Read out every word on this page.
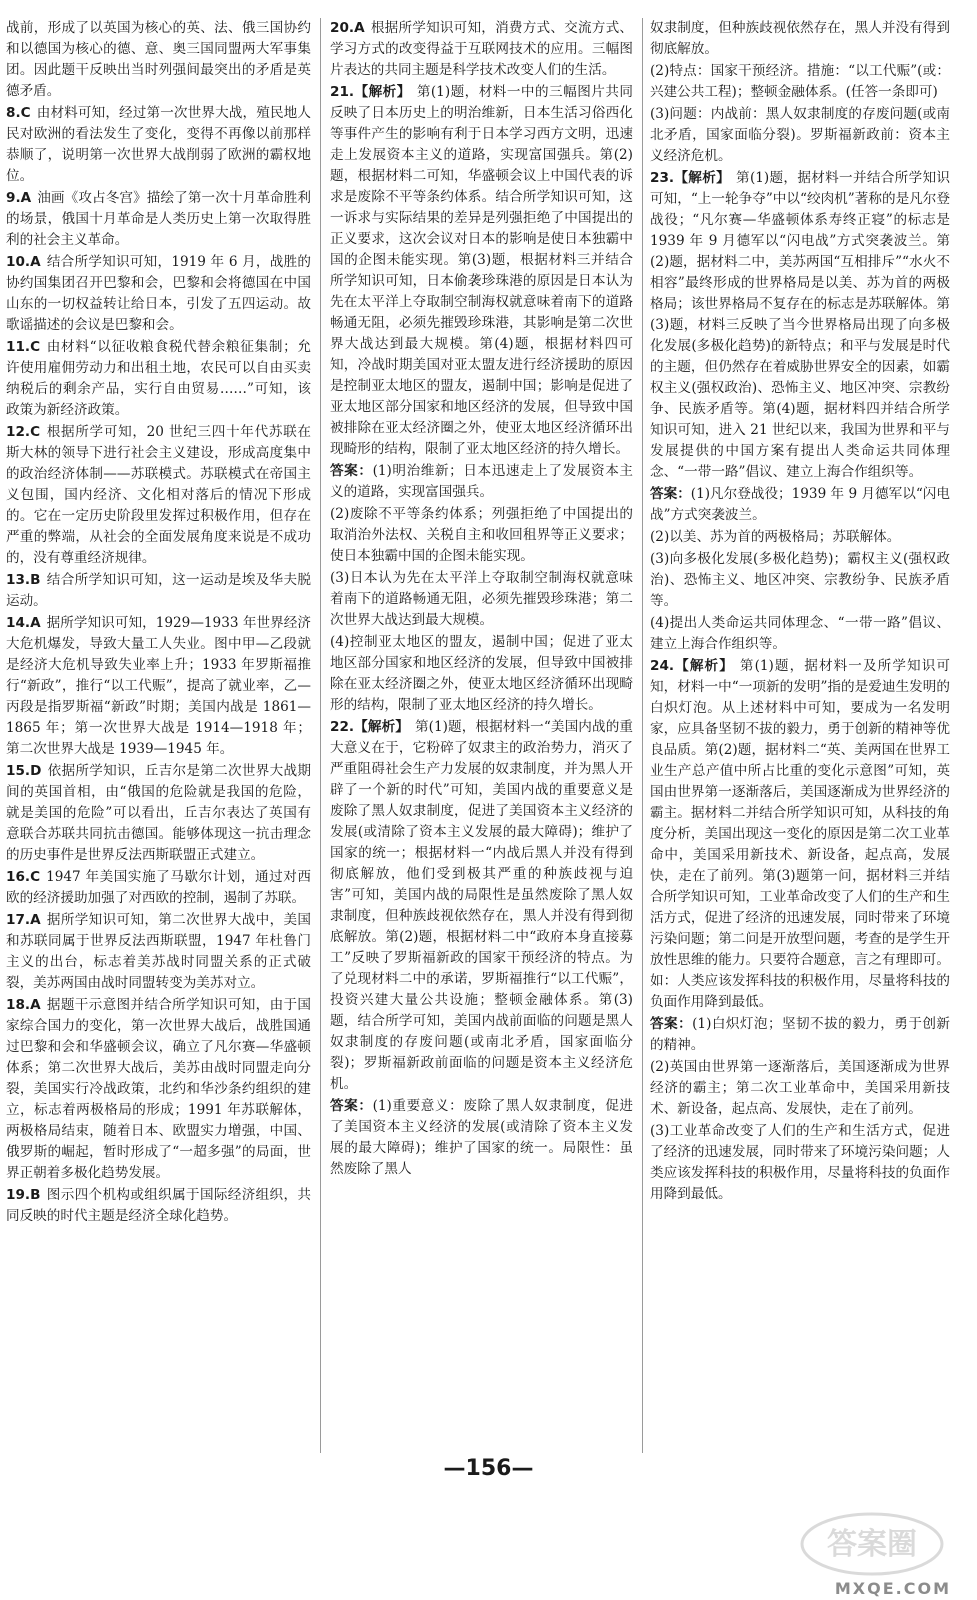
战前，形成了以英国为核心的英、法、俄三国协约和以德国为核心的德、意、奥三国同盟两大军事集团。因此题干反映出当时列强间最突出的矛盾是英德矛盾。

8.C 由材料可知，经过第一次世界大战，殖民地人民对欧洲的看法发生了变化，变得不再像以前那样恭顺了，说明第一次世界大战削弱了欧洲的霸权地位。

9.A 油画《攻占冬宫》描绘了第一次十月革命胜利的场景，俄国十月革命是人类历史上第一次取得胜利的社会主义革命。

10.A 结合所学知识可知，1919 年 6 月，战胜的协约国集团召开巴黎和会，巴黎和会将德国在中国山东的一切权益转让给日本，引发了五四运动。故歌谣描述的会议是巴黎和会。

11.C 由材料“以征收粮食税代替余粮征集制；允许使用雇佣劳动力和出租土地，农民可以自由买卖纳税后的剩余产品，实行自由贸易……”可知，该政策为新经济政策。

12.C 根据所学可知，20 世纪三四十年代苏联在斯大林的领导下进行社会主义建设，形成高度集中的政治经济体制——苏联模式。苏联模式在帝国主义包围，国内经济、文化相对落后的情况下形成的。它在一定历史阶段里发挥过积极作用，但存在严重的弊端，从社会的全面发展角度来说是不成功的，没有尊重经济规律。

13.B 结合所学知识可知，这一运动是埃及华夫脱运动。

14.A 据所学知识可知，1929—1933 年世界经济大危机爆发，导致大量工人失业。图中甲—乙段就是经济大危机导致失业率上升；1933 年罗斯福推行“新政”，推行“以工代赈”，提高了就业率，乙—丙段是指罗斯福“新政”时期；美国内战是 1861—1865 年；第一次世界大战是 1914—1918 年；第二次世界大战是 1939—1945 年。

15.D 依据所学知识，丘吉尔是第二次世界大战期间的英国首相，由“俄国的危险就是我国的危险，就是美国的危险”可以看出，丘吉尔表达了英国有意联合苏联共同抗击德国。能够体现这一抗击理念的历史事件是世界反法西斯联盟正式建立。

16.C 1947 年美国实施了马歇尔计划，通过对西欧的经济援助加强了对西欧的控制，遏制了苏联。

17.A 据所学知识可知，第二次世界大战中，美国和苏联同属于世界反法西斯联盟，1947 年杜鲁门主义的出台，标志着美苏战时同盟关系的正式破裂，美苏两国由战时同盟转变为美苏对立。

18.A 据题干示意图并结合所学知识可知，由于国家综合国力的变化，第一次世界大战后，战胜国通过巴黎和会和华盛顿会议，确立了凡尔赛—华盛顿体系；第二次世界大战后，美苏由战时同盟走向分裂，美国实行冷战政策，北约和华沙条约组织的建立，标志着两极格局的形成；1991 年苏联解体，两极格局结束，随着日本、欧盟实力增强，中国、俄罗斯的崛起，暂时形成了“一超多强”的局面，世界正朝着多极化趋势发展。

19.B 图示四个机构或组织属于国际经济组织，共同反映的时代主题是经济全球化趋势。

20.A 根据所学知识可知，消费方式、交流方式、学习方式的改变得益于互联网技术的应用。三幅图片表达的共同主题是科学技术改变人们的生活。

21.【解析】 第(1)题，材料一中的三幅图片共同反映了日本历史上的明治维新，日本生活习俗西化等事件产生的影响有利于日本学习西方文明，迅速走上发展资本主义的道路，实现富国强兵。第(2)题，根据材料二可知，华盛顿会议上中国代表的诉求是废除不平等条约体系。结合所学知识可知，这一诉求与实际结果的差异是列强拒绝了中国提出的正义要求，这次会议对日本的影响是使日本独霸中国的企图未能实现。第(3)题，根据材料三并结合所学知识可知，日本偷袭珍珠港的原因是日本认为先在太平洋上夺取制空制海权就意味着南下的道路畅通无阻，必须先摧毁珍珠港，其影响是第二次世界大战达到最大规模。第(4)题，根据材料四可知，冷战时期美国对亚太盟友进行经济援助的原因是控制亚太地区的盟友，遏制中国；影响是促进了亚太地区部分国家和地区经济的发展，但导致中国被排除在亚太经济圈之外，使亚太地区经济循环出现畸形的结构，限制了亚太地区经济的持久增长。

答案：(1)明治维新；日本迅速走上了发展资本主义的道路，实现富国强兵。

(2)废除不平等条约体系；列强拒绝了中国提出的取消治外法权、关税自主和收回租界等正义要求；使日本独霸中国的企图未能实现。

(3)日本认为先在太平洋上夺取制空制海权就意味着南下的道路畅通无阻，必须先摧毁珍珠港；第二次世界大战达到最大规模。

(4)控制亚太地区的盟友，遏制中国；促进了亚太地区部分国家和地区经济的发展，但导致中国被排除在亚太经济圈之外，使亚太地区经济循环出现畸形的结构，限制了亚太地区经济的持久增长。

22.【解析】 第(1)题，根据材料一“美国内战的重大意义在于，它粉碎了奴隶主的政治势力，消灭了严重阻碍社会生产力发展的奴隶制度，并为黑人开辟了一个新的时代”可知，美国内战的重要意义是废除了黑人奴隶制度，促进了美国资本主义经济的发展(或清除了资本主义发展的最大障碍)；维护了国家的统一；根据材料一“内战后黑人并没有得到彻底解放，他们受到极其严重的种族歧视与迫害”可知，美国内战的局限性是虽然废除了黑人奴隶制度，但种族歧视依然存在，黑人并没有得到彻底解放。第(2)题，根据材料二中“政府本身直接募工”反映了罗斯福新政的国家干预经济的特点。为了兑现材料二中的承诺，罗斯福推行“以工代赈”，投资兴建大量公共设施；整顿金融体系。第(3)题，结合所学可知，美国内战前面临的问题是黑人奴隶制度的存废问题(或南北矛盾，国家面临分裂)；罗斯福新政前面临的问题是资本主义经济危机。

答案：(1)重要意义：废除了黑人奴隶制度，促进了美国资本主义经济的发展(或清除了资本主义发展的最大障碍)；维护了国家的统一。局限性：虽然废除了黑人

奴隶制度，但种族歧视依然存在，黑人并没有得到彻底解放。

(2)特点：国家干预经济。措施：“以工代赈”(或：兴建公共工程)；整顿金融体系。(任答一条即可)

(3)问题：内战前：黑人奴隶制度的存废问题(或南北矛盾，国家面临分裂)。罗斯福新政前：资本主义经济危机。

23.【解析】 第(1)题，据材料一并结合所学知识可知，“上一轮争夺”中以“绞肉机”著称的是凡尔登战役；“凡尔赛—华盛顿体系寿终正寝”的标志是 1939 年 9 月德军以“闪电战”方式突袭波兰。第(2)题，据材料二中，美苏两国“互相排斥”“水火不相容”最终形成的世界格局是以美、苏为首的两极格局；该世界格局不复存在的标志是苏联解体。第(3)题，材料三反映了当今世界格局出现了向多极化发展(多极化趋势)的新特点；和平与发展是时代的主题，但仍然存在着威胁世界安全的因素，如霸权主义(强权政治)、恐怖主义、地区冲突、宗教纷争、民族矛盾等。第(4)题，据材料四并结合所学知识可知，进入 21 世纪以来，我国为世界和平与发展提供的中国方案有提出人类命运共同体理念、“一带一路”倡议、建立上海合作组织等。

答案：(1)凡尔登战役；1939 年 9 月德军以“闪电战”方式突袭波兰。

(2)以美、苏为首的两极格局；苏联解体。

(3)向多极化发展(多极化趋势)；霸权主义(强权政治)、恐怖主义、地区冲突、宗教纷争、民族矛盾等。

(4)提出人类命运共同体理念、“一带一路”倡议、建立上海合作组织等。

24.【解析】 第(1)题，据材料一及所学知识可知，材料一中“一项新的发明”指的是爱迪生发明的白炽灯泡。从上述材料中可知，要成为一名发明家，应具备坚韧不拔的毅力，勇于创新的精神等优良品质。第(2)题，据材料二“英、美两国在世界工业生产总产值中所占比重的变化示意图”可知，英国由世界第一逐渐落后，美国逐渐成为世界经济的霸主。据材料二并结合所学知识可知，从科技的角度分析，美国出现这一变化的原因是第二次工业革命中，美国采用新技术、新设备，起点高，发展快，走在了前列。第(3)题第一问，据材料三并结合所学知识可知，工业革命改变了人们的生产和生活方式，促进了经济的迅速发展，同时带来了环境污染问题；第二问是开放型问题，考查的是学生开放性思维的能力。只要符合题意，言之有理即可。如：人类应该发挥科技的积极作用，尽量将科技的负面作用降到最低。

答案：(1)白炽灯泡；坚韧不拔的毅力，勇于创新的精神。

(2)英国由世界第一逐渐落后，美国逐渐成为世界经济的霸主；第二次工业革命中，美国采用新技术、新设备，起点高、发展快，走在了前列。

(3)工业革命改变了人们的生产和生活方式，促进了经济的迅速发展，同时带来了环境污染问题；人类应该发挥科技的积极作用，尽量将科技的负面作用降到最低。

—156—
答案圈
MXQE.COM
